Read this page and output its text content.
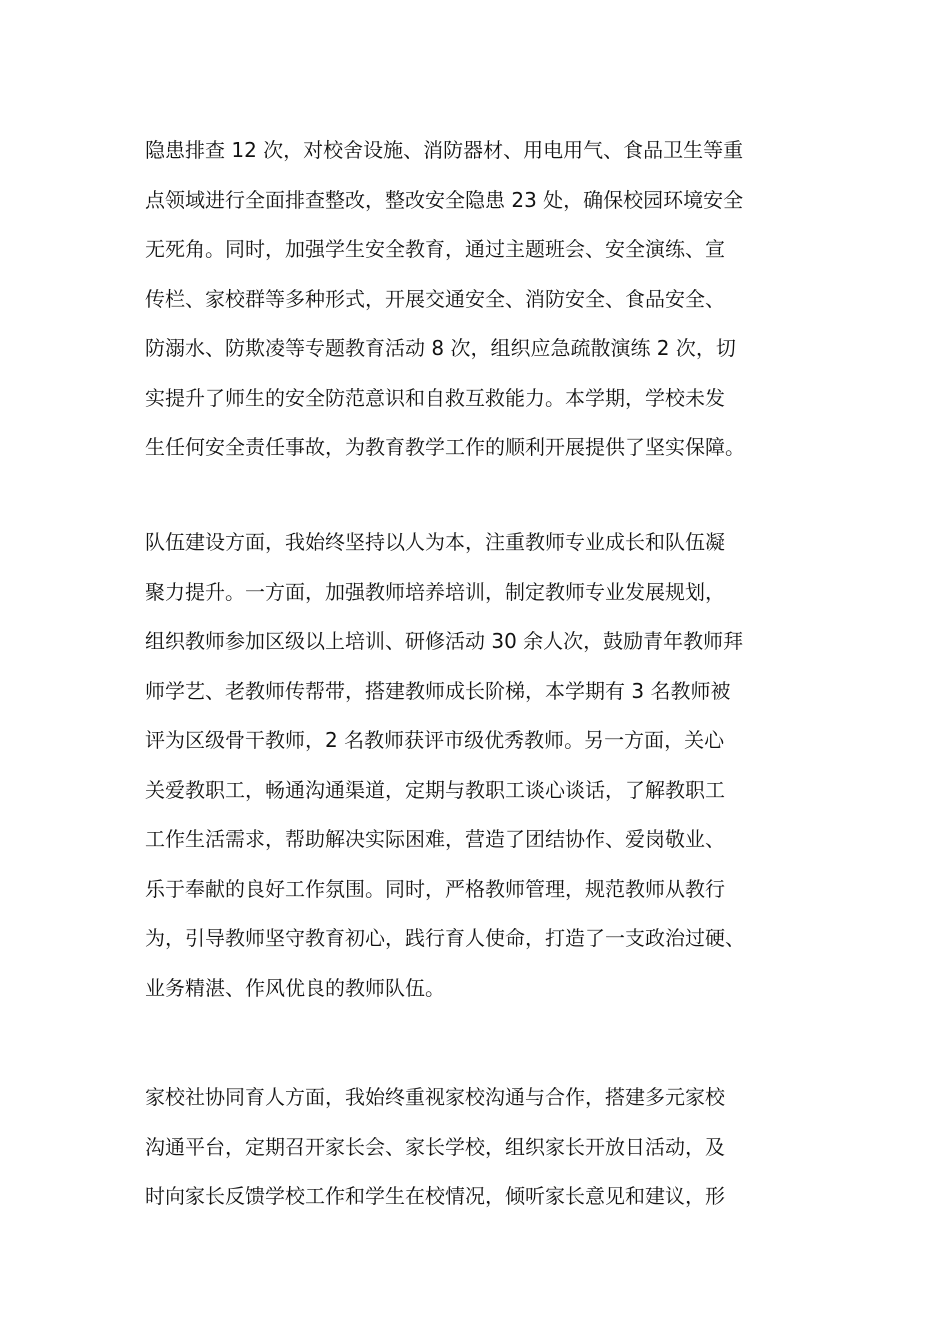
隐患排查 12 次，对校舍设施、消防器材、用电用气、食品卫生等重
点领域进行全面排查整改，整改安全隐患 23 处，确保校园环境安全
无死角。同时，加强学生安全教育，通过主题班会、安全演练、宣
传栏、家校群等多种形式，开展交通安全、消防安全、食品安全、
防溺水、防欺凌等专题教育活动 8 次，组织应急疏散演练 2 次，切
实提升了师生的安全防范意识和自救互救能力。本学期，学校未发
生任何安全责任事故，为教育教学工作的顺利开展提供了坚实保障。
队伍建设方面，我始终坚持以人为本，注重教师专业成长和队伍凝
聚力提升。一方面，加强教师培养培训，制定教师专业发展规划，
组织教师参加区级以上培训、研修活动 30 余人次，鼓励青年教师拜
师学艺、老教师传帮带，搭建教师成长阶梯，本学期有 3 名教师被
评为区级骨干教师，2 名教师获评市级优秀教师。另一方面，关心
关爱教职工，畅通沟通渠道，定期与教职工谈心谈话，了解教职工
工作生活需求，帮助解决实际困难，营造了团结协作、爱岗敬业、
乐于奉献的良好工作氛围。同时，严格教师管理，规范教师从教行
为，引导教师坚守教育初心，践行育人使命，打造了一支政治过硬、
业务精湛、作风优良的教师队伍。
家校社协同育人方面，我始终重视家校沟通与合作，搭建多元家校
沟通平台，定期召开家长会、家长学校，组织家长开放日活动，及
时向家长反馈学校工作和学生在校情况，倾听家长意见和建议，形
